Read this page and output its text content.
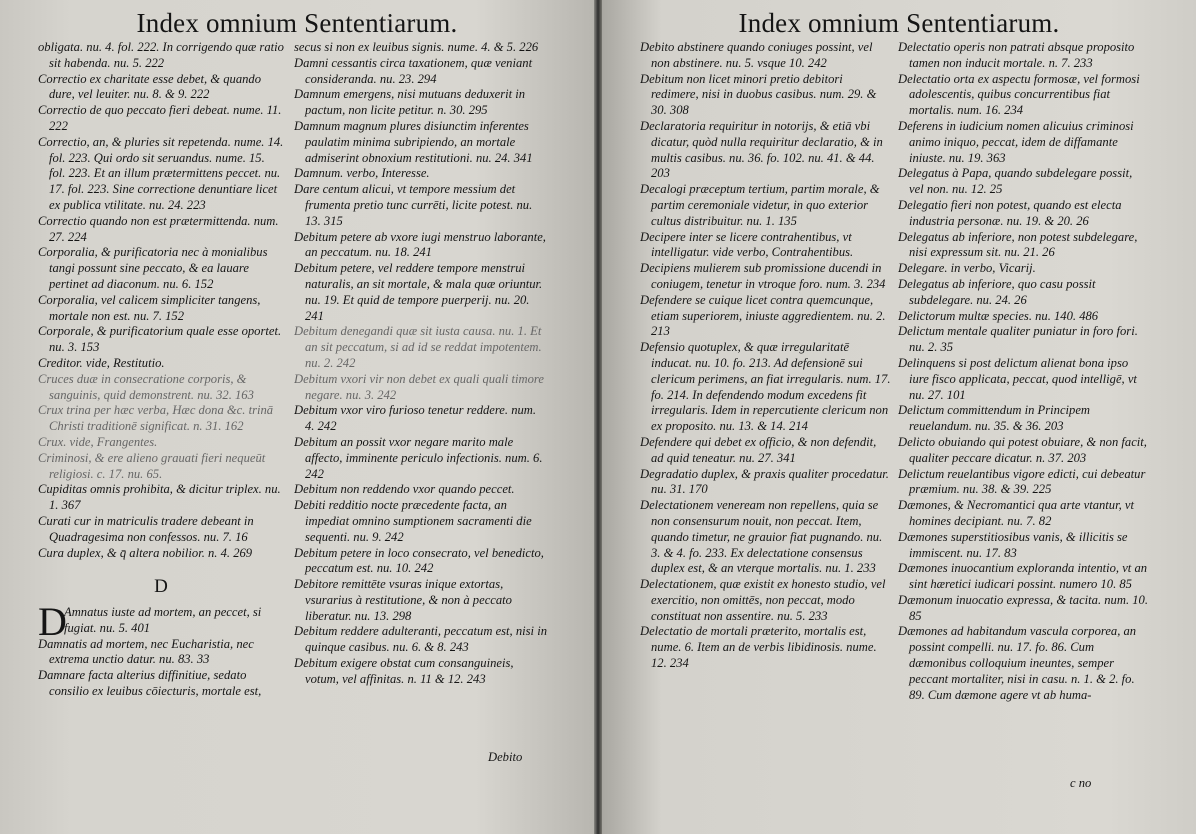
Index omnium Sententiarum.

obligata. nu. 4. fol. 222. In corrigendo quæ ratio sit habenda. nu. 5. 222

Correctio ex charitate esse debet, & quando dure, vel leuiter. nu. 8. & 9. 222

Correctio de quo peccato fieri debeat. nume. 11. 222

Correctio, an, & pluries sit repetenda. nume. 14. fol. 223. Qui ordo sit seruandus. nume. 15. fol. 223. Et an illum prætermittens peccet. nu. 17. fol. 223. Sine correctione denuntiare licet ex publica vtilitate. nu. 24. 223

Correctio quando non est prætermittenda. num. 27. 224

Corporalia, & purificatoria nec à monialibus tangi possunt sine peccato, & ea lauare pertinet ad diaconum. nu. 6. 152

Corporalia, vel calicem simpliciter tangens, mortale non est. nu. 7. 152

Corporale, & purificatorium quale esse oportet. nu. 3. 153

Creditor. vide, Restitutio.

Cruces duæ in consecratione corporis, & sanguinis, quid demonstrent. nu. 32. 163

Crux trina per hæc verba, Hæc dona &c. trinā Christi traditionē significat. n. 31. 162

Crux. vide, Frangentes.

Criminosi, & ere alieno grauati fieri nequeūt religiosi. c. 17. nu. 65.

Cupiditas omnis prohibita, & dicitur triplex. nu. 1. 367

Curati cur in matriculis tradere debeant in Quadragesima non confessos. nu. 7. 16

Cura duplex, & q̄ altera nobilior. n. 4. 269

D

D
Amnatus iuste ad mortem, an peccet, si fugiat. nu. 5. 401

Damnatis ad mortem, nec Eucharistia, nec extrema unctio datur. nu. 83. 33

Damnare facta alterius diffinitiue, sedato consilio ex leuibus cōiecturis, mortale est,

secus si non ex leuibus signis. nume. 4. & 5. 226

Damni cessantis circa taxationem, quæ veniant consideranda. nu. 23. 294

Damnum emergens, nisi mutuans deduxerit in pactum, non licite petitur. n. 30. 295

Damnum magnum plures disiunctim inferentes paulatim minima subripiendo, an mortale admiserint obnoxium restitutioni. nu. 24. 341

Damnum. verbo, Interesse.

Dare centum alicui, vt tempore messium det frumenta pretio tunc currēti, licite potest. nu. 13. 315

Debitum petere ab vxore iugi menstruo laborante, an peccatum. nu. 18. 241

Debitum petere, vel reddere tempore menstrui naturalis, an sit mortale, & mala quæ oriuntur. nu. 19. Et quid de tempore puerperij. nu. 20. 241

Debitum denegandi quæ sit iusta causa. nu. 1. Et an sit peccatum, si ad id se reddat impotentem. nu. 2. 242

Debitum vxori vir non debet ex quali quali timore negare. nu. 3. 242

Debitum vxor viro furioso tenetur reddere. num. 4. 242

Debitum an possit vxor negare marito male affecto, imminente periculo infectionis. num. 6. 242

Debitum non reddendo vxor quando peccet.

Debiti redditio nocte præcedente facta, an impediat omnino sumptionem sacramenti die sequenti. nu. 9. 242

Debitum petere in loco consecrato, vel benedicto, peccatum est. nu. 10. 242

Debitore remittēte vsuras inique extortas, vsurarius à restitutione, & non à peccato liberatur. nu. 13. 298

Debitum reddere adulteranti, peccatum est, nisi in quinque casibus. nu. 6. & 8. 243

Debitum exigere obstat cum consanguineis, votum, vel affinitas. n. 11 & 12. 243

Debito
Index omnium Sententiarum.

Debito abstinere quando coniuges possint, vel non abstinere. nu. 5. vsque 10. 242

Debitum non licet minori pretio debitori redimere, nisi in duobus casibus. num. 29. & 30. 308

Declaratoria requiritur in notorijs, & etiā vbi dicatur, quòd nulla requiritur declaratio, & in multis casibus. nu. 36. fo. 102. nu. 41. & 44. 203

Decalogi præceptum tertium, partim morale, & partim ceremoniale videtur, in quo exterior cultus distribuitur. nu. 1. 135

Decipere inter se licere contrahentibus, vt intelligatur. vide verbo, Contrahentibus.

Decipiens mulierem sub promissione ducendi in coniugem, tenetur in vtroque foro. num. 3. 234

Defendere se cuique licet contra quemcunque, etiam superiorem, iniuste aggredientem. nu. 2. 213

Defensio quotuplex, & quæ irregularitatē inducat. nu. 10. fo. 213. Ad defensionē sui clericum perimens, an fiat irregularis. num. 17. fo. 214. In defendendo modum excedens fit irregularis. Idem in repercutiente clericum non ex proposito. nu. 13. & 14. 214

Defendere qui debet ex officio, & non defendit, ad quid teneatur. nu. 27. 341

Degradatio duplex, & praxis qualiter procedatur. nu. 31. 170

Delectationem veneream non repellens, quia se non consensurum nouit, non peccat. Item, quando timetur, ne grauior fiat pugnando. nu. 3. & 4. fo. 233. Ex delectatione consensus duplex est, & an vterque mortalis. nu. 1. 233

Delectationem, quæ existit ex honesto studio, vel exercitio, non omittēs, non peccat, modo constituat non assentire. nu. 5. 233

Delectatio de mortali præterito, mortalis est, nume. 6. Item an de verbis libidinosis. nume. 12. 234

Delectatio operis non patrati absque proposito tamen non inducit mortale. n. 7. 233

Delectatio orta ex aspectu formosæ, vel formosi adolescentis, quibus concurrentibus fiat mortalis. num. 16. 234

Deferens in iudicium nomen alicuius criminosi animo iniquo, peccat, idem de diffamante iniuste. nu. 19. 363

Delegatus à Papa, quando subdelegare possit, vel non. nu. 12. 25

Delegatio fieri non potest, quando est electa industria personæ. nu. 19. & 20. 26

Delegatus ab inferiore, non potest subdelegare, nisi expressum sit. nu. 21. 26

Delegare. in verbo, Vicarij.

Delegatus ab inferiore, quo casu possit subdelegare. nu. 24. 26

Delictorum multæ species. nu. 140. 486

Delictum mentale qualiter puniatur in foro fori. nu. 2. 35

Delinquens si post delictum alienat bona ipso iure fisco applicata, peccat, quod intelligē, vt nu. 27. 101

Delictum committendum in Principem reuelandum. nu. 35. & 36. 203

Delicto obuiando qui potest obuiare, & non facit, qualiter peccare dicatur. n. 37. 203

Delictum reuelantibus vigore edicti, cui debeatur præmium. nu. 38. & 39. 225

Dæmones, & Necromantici qua arte vtantur, vt homines decipiant. nu. 7. 82

Dæmones superstitiosibus vanis, & illicitis se immiscent. nu. 17. 83

Dæmones inuocantium exploranda intentio, vt an sint hæretici iudicari possint. numero 10. 85

Dæmonum inuocatio expressa, & tacita. num. 10. 85

Dæmones ad habitandum vascula corporea, an possint compelli. nu. 17. fo. 86. Cum dæmonibus colloquium ineuntes, semper peccant mortaliter, nisi in casu. n. 1. & 2. fo. 89. Cum dæmone agere vt ab huma-

c no
